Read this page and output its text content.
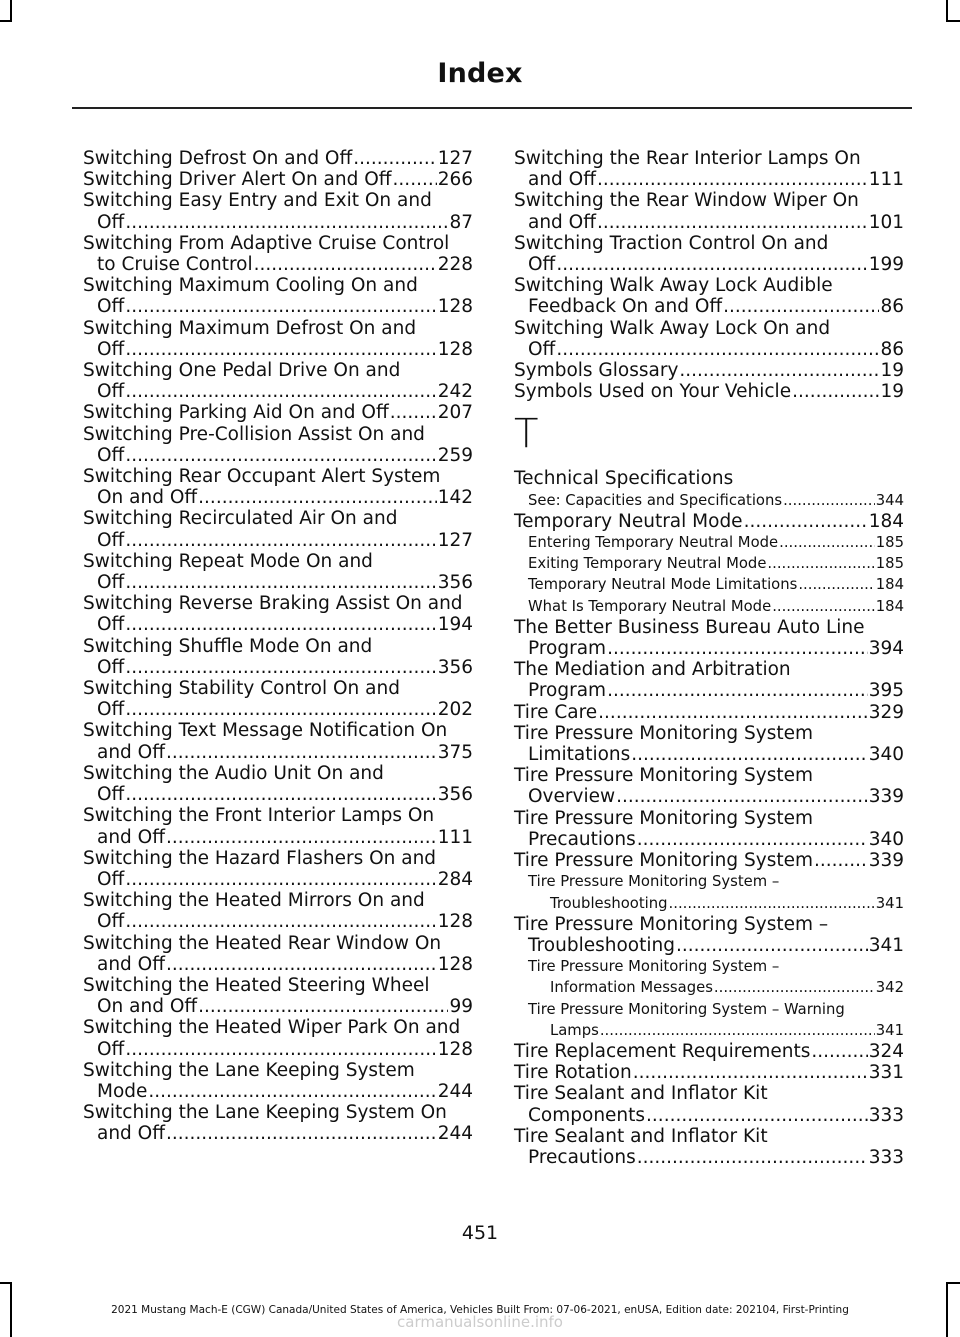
Index
Switching Defrost On and Off .....	127
Switching Driver Alert On and Off ..... 266
Switching Easy Entry and Exit On and
Off .....	87
Switching From Adaptive Cruise Control
to Cruise Control .....	228
Switching Maximum Cooling On and
Off .....	128
Switching Maximum Defrost On and
Off .....	128
Switching One Pedal Drive On and
Off .....	242
Switching Parking Aid On and Off .....	207
Switching Pre-Collision Assist On and
Off .....	259
Switching Rear Occupant Alert System
On and Off .....	142
Switching Recirculated Air On and
Off .....	127
Switching Repeat Mode On and
Off .....	356
Switching Reverse Braking Assist On and
Off .....	194
Switching Shuffle Mode On and
Off .....	356
Switching Stability Control On and
Off .....	202
Switching Text Message Notification On
and Off .....	375
Switching the Audio Unit On and
Off .....	356
Switching the Front Interior Lamps On
and Off .....	111
Switching the Hazard Flashers On and
Off .....	284
Switching the Heated Mirrors On and
Off .....	128
Switching the Heated Rear Window On
and Off .....	128
Switching the Heated Steering Wheel
On and Off .....	99
Switching the Heated Wiper Park On and
Off .....	128
Switching the Lane Keeping System
Mode .....	244
Switching the Lane Keeping System On
and Off .....	244
Switching the Rear Interior Lamps On
and Off .....	111
Switching the Rear Window Wiper On
and Off .....	101
Switching Traction Control On and
Off .....	199
Switching Walk Away Lock Audible
Feedback On and Off .....	86
Switching Walk Away Lock On and
Off .....	86
Symbols Glossary .....	19
Symbols Used on Your Vehicle .....	19
T
Technical Specifications
See: Capacities and Specifications .....	344
Temporary Neutral Mode .....	184
Entering Temporary Neutral Mode .....	185
Exiting Temporary Neutral Mode .....	185
Temporary Neutral Mode Limitations .....	184
What Is Temporary Neutral Mode .....	184
The Better Business Bureau Auto Line
Program .....	394
The Mediation and Arbitration
Program .....	395
Tire Care .....	329
Tire Pressure Monitoring System
Limitations .....	340
Tire Pressure Monitoring System
Overview .....	339
Tire Pressure Monitoring System
Precautions .....	340
Tire Pressure Monitoring System .....	339
Tire Pressure Monitoring System –
Troubleshooting .....	341
Tire Pressure Monitoring System –
Troubleshooting .....	341
Tire Pressure Monitoring System –
Information Messages .....	342
Tire Pressure Monitoring System – Warning
Lamps .....	341
Tire Replacement Requirements .....	324
Tire Rotation .....	331
Tire Sealant and Inflator Kit
Components .....	333
Tire Sealant and Inflator Kit
Precautions .....	333
451
2021 Mustang Mach-E (CGW) Canada/United States of America, Vehicles Built From: 07-06-2021, enUSA, Edition date: 202104, First-Printing
carmanualsonline.info
